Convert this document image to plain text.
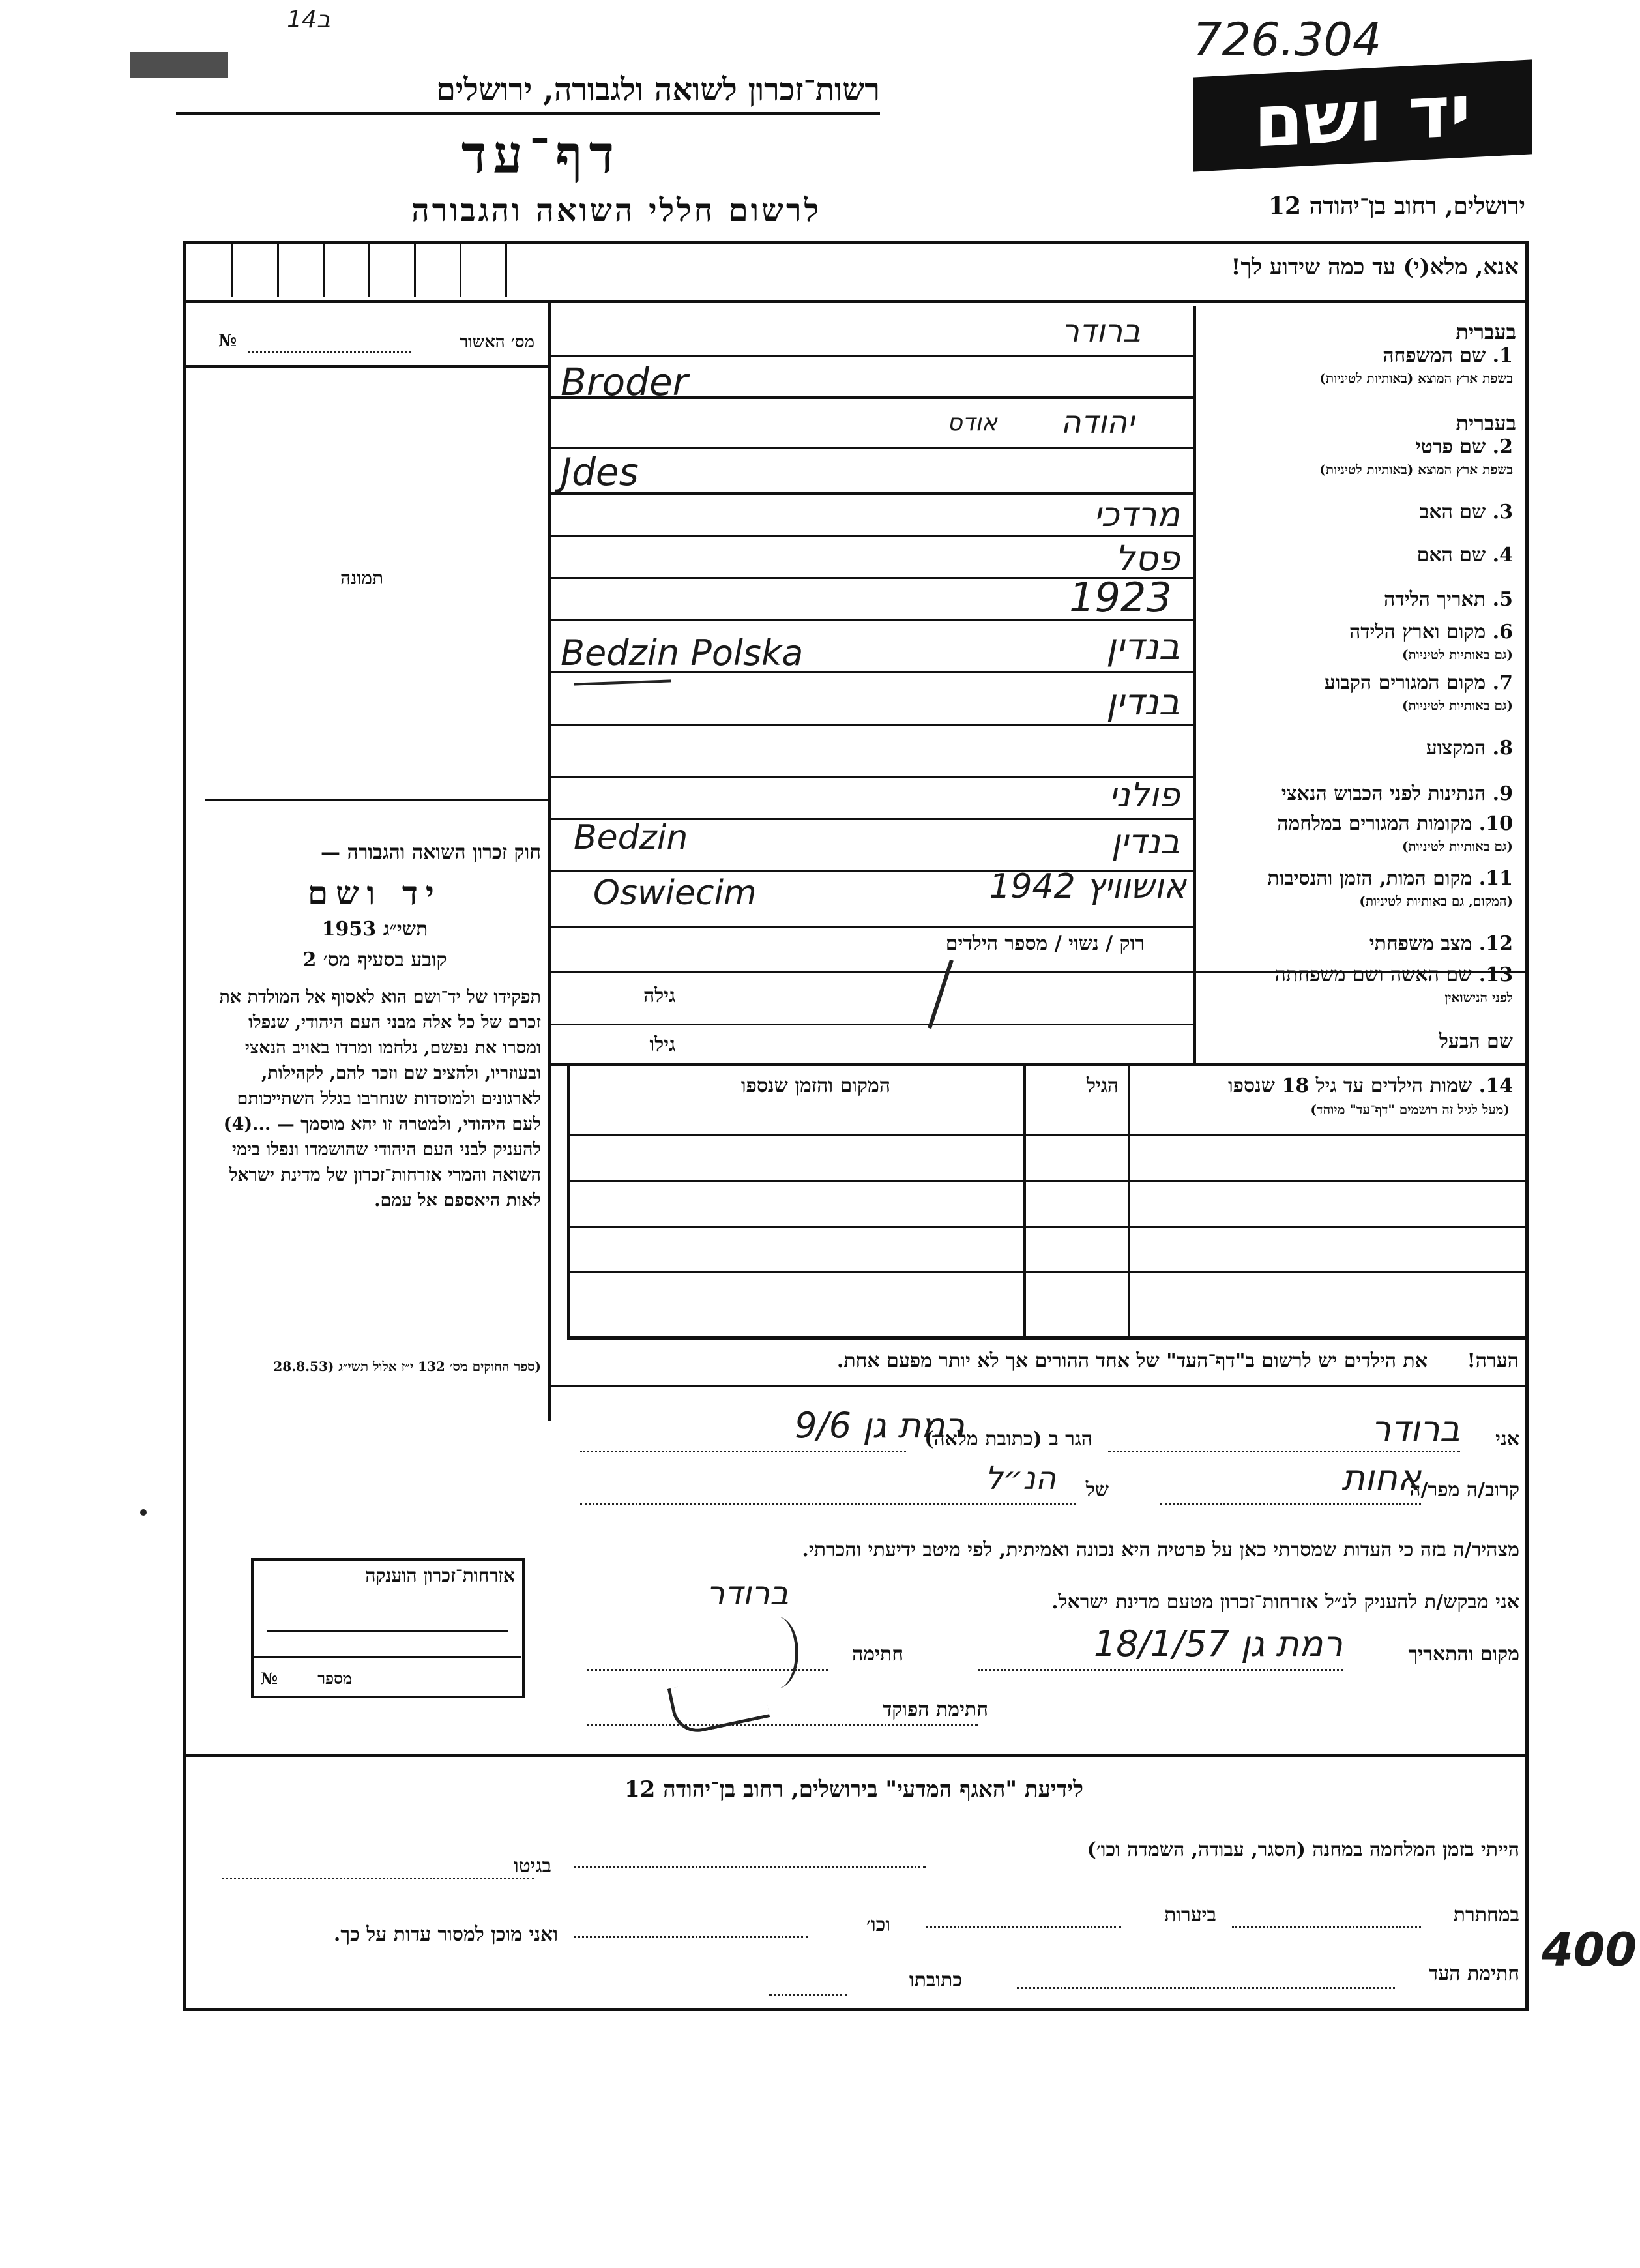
726.304
ב14
רשות־זכרון לשואה ולגבורה, ירושלים
דף־עד
לרשום חללי השואה והגבורה
יד ושם
ירושלים, רחוב בן־יהודה 12
אנא, מלא(י) עד כמה שידוע לך!
מס׳ האשור
№
תמונה
חוק זכרון השואה והגבורה —
יד ושם
תשי״ג 1953
קובע בסעיף מס׳ 2
תפקידו של יד־ושם הוא לאסוף אל המולדת את זכרם של כל אלה מבני העם היהודי, שנפלו ומסרו את נפשם, נלחמו ומרדו באויב הנאצי ובעוזריו, ולהציב שם וזכר להם, לקהילות, לארגונים ולמוסדות שנחרבו בגלל השתייכותם לעם היהודי, ולמטרה זו יהא מוסמך — ...(4) להעניק לבני העם היהודי שהושמדו ונפלו בימי השואה והמרי אזרחות־זכרון של מדינת ישראל לאות היאספם אל עמם.
(ספר החוקים מס׳ 132 י״ז אלול תשי״ג (28.8.53
אזרחות־זכרון הוענקה
מספר
№
בעברית
1. שם המשפחה
בשפת ארץ המוצא (באותיות לטיניות)
בעברית
2. שם פרטי
בשפת ארץ המוצא (באותיות לטיניות)
3. שם האב
4. שם האם
5. תאריך הלידה
6. מקום וארץ הלידה
(גם באותיות לטיניות)
7. מקום המגורים הקבוע
(גם באותיות לטיניות)
8. המקצוע
9. הנתינות לפני הכבוש הנאצי
10. מקומות המגורים במלחמה
(גם באותיות לטיניות)
11. מקום המות, הזמן והנסיבות
(המקום, גם באותיות לטיניות)
12. מצב משפחתי
רוק / נשוי / מספר הילדים
13. שם האשה ושם משפחתה
לפני הנישואין
גילה
שם הבעל
גילו
14. שמות הילדים עד גיל 18 שנספו
(מעל לגיל זה רושמים "דף־עד" מיוחד)
הגיל
המקום והזמן שנספו
ברודר
Broder
יהודה
אודס
Jdes
מרדכי
פסל
1923
בנדין
Bedzin Polska
בנדין
פולני
Bedzin	בנדין
Oswiecim	אושוויץ 1942
הערה!
את הילדים יש לרשום ב"דף־העד" של אחד ההורים אך לא יותר מפעם אחת.
אני
ברודר
הגר ב (כתובת מלאה)
רמת גן 9/6
קרוב/ה מפר/ה
אחות
של
הנ״ל
מצהיר/ה בזה כי העדות שמסרתי כאן על פרטיה היא נכונה ואמיתית, לפי מיטב ידיעתי והכרתי.
אני מבקש/ת להעניק לנ״ל אזרחות־זכרון מטעם מדינת ישראל.
ברודר
מקום והתאריך
רמת גן 18/1/57
חתימה
חתימת הפוקד
לידיעת "האגף המדעי" בירושלים, רחוב בן־יהודה 12
הייתי בזמן המלחמה במחנה (הסגר, עבודה, השמדה וכו׳)
בגיטו
במחתרת
ביערות
וכו׳
ואני מוכן למסור עדות על כך.
חתימת העד
כתובתו
400
